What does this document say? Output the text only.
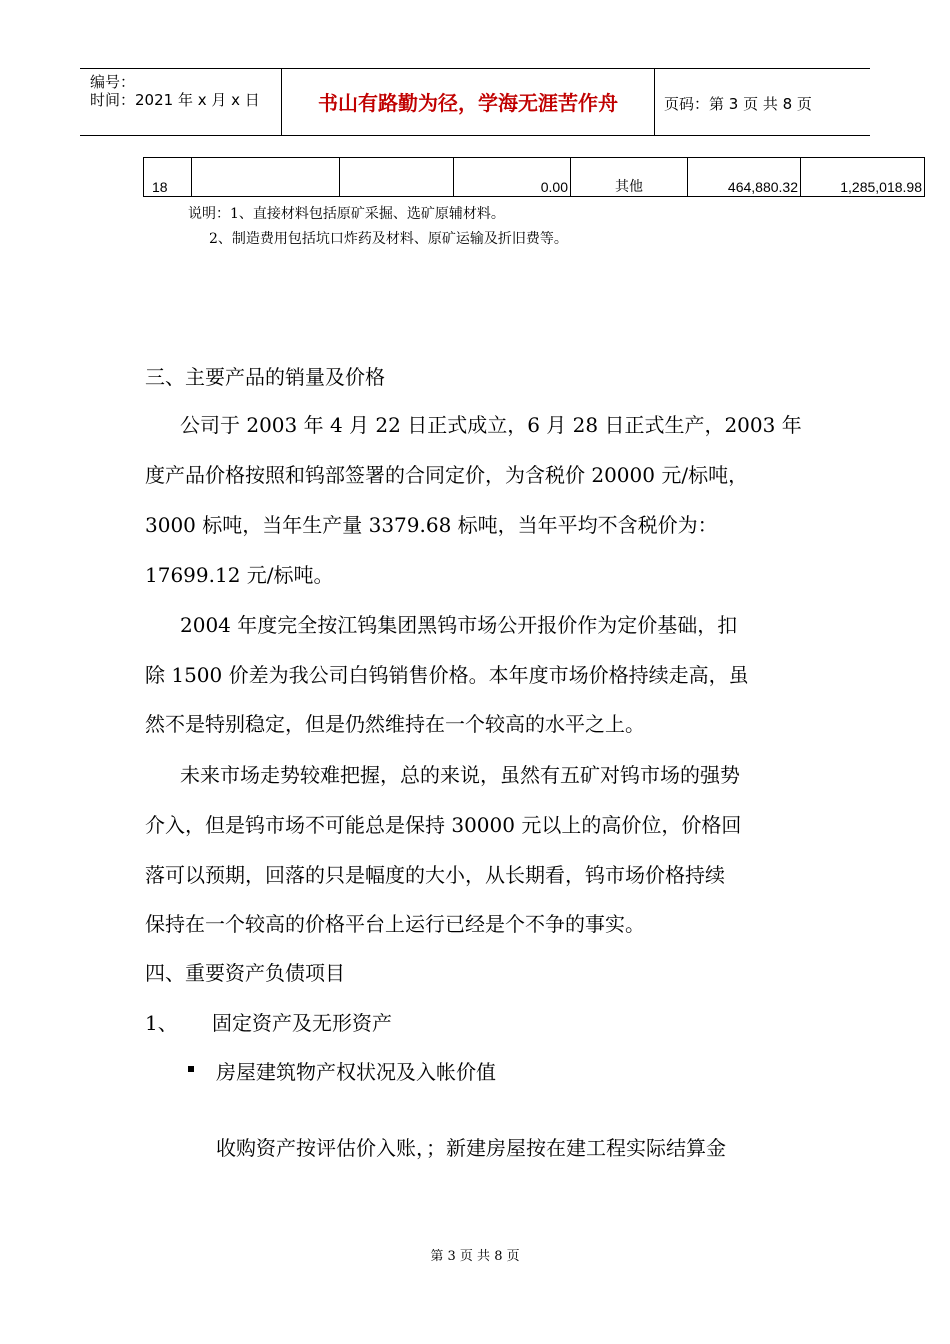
编号：
时间：2021 年 x 月 x 日	书山有路勤为径，学海无涯苦作舟	页码：第 3 页 共 8 页
18			0.00	其他	464,880.32	1,285,018.98
说明：1、直接材料包括原矿采掘、选矿原辅材料。
2、制造费用包括坑口炸药及材料、原矿运输及折旧费等。
三、主要产品的销量及价格
公司于 2003 年 4 月 22 日正式成立，6 月 28 日正式生产，2003 年
度产品价格按照和钨部签署的合同定价，为含税价 20000 元/标吨，
3000 标吨，当年生产量 3379.68 标吨，当年平均不含税价为：
17699.12 元/标吨。
2004 年度完全按江钨集团黑钨市场公开报价作为定价基础，扣
除 1500 价差为我公司白钨销售价格。本年度市场价格持续走高，虽
然不是特别稳定，但是仍然维持在一个较高的水平之上。
未来市场走势较难把握，总的来说，虽然有五矿对钨市场的强势
介入，但是钨市场不可能总是保持 30000 元以上的高价位，价格回
落可以预期，回落的只是幅度的大小，从长期看，钨市场价格持续
保持在一个较高的价格平台上运行已经是个不争的事实。
四、重要资产负债项目
1、 固定资产及无形资产
房屋建筑物产权状况及入帐价值
收购资产按评估价入账，；新建房屋按在建工程实际结算金
第 3 页 共 8 页
